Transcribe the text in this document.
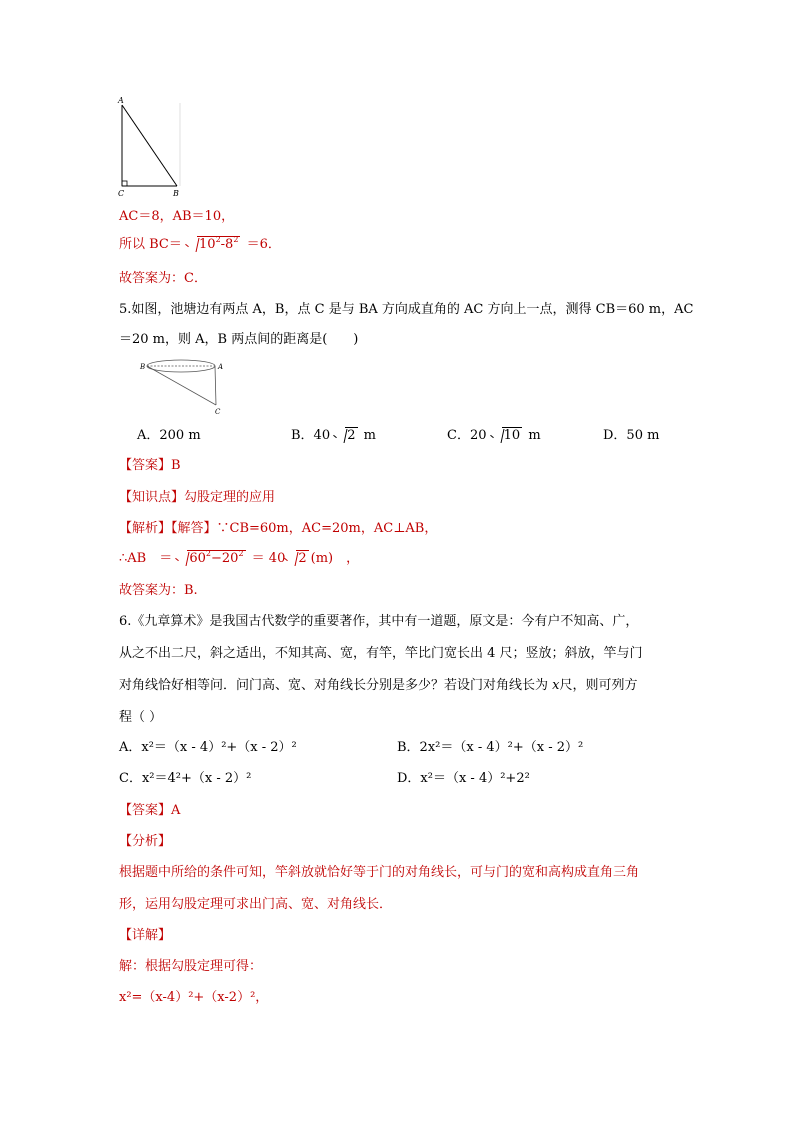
A
C	B
AC＝8，AB＝10，
所以 $BC= 10^2-8^2 =6$．
故答案为：C．
5.如图，池塘边有两点 A，B，点 C 是与 BA 方向成直角的 AC 方向上一点，测得 CB＝60 m，AC
＝20 m，则 A，B 两点间的距离是(　　)
B	A
C
A．200 m	B．40 2 m	C．20 10 m	D．50 m
【答案】B
【知识点】勾股定理的应用
【解析】【解答】∵CB=60m，AC=20m，AC⊥AB，
∴AB　＝ $60^2-20^2 = 40$ 2 (m)　，
故答案为：B.
6.《九章算术》是我国古代数学的重要著作，其中有一道题，原文是：今有户不知高、广，
从之不出二尺，斜之适出，不知其高、宽，有竿，竿比门宽长出 4 尺；竖放；斜放，竿与门
对角线恰好相等问．问门高、宽、对角线长分别是多少？若设门对角线长为 x尺，则可列方
程（ ）
A．x²＝（x - 4）²+（x - 2）²	B．2x²＝（x - 4）²+（x - 2）²
C．x²＝4²+（x - 2）²	D．x²＝（x - 4）²+2²
【答案】A
【分析】
根据题中所给的条件可知，竿斜放就恰好等于门的对角线长，可与门的宽和高构成直角三角
形，运用勾股定理可求出门高、宽、对角线长．
【详解】
解：根据勾股定理可得：
x²=（x-4）²+（x-2）²，
